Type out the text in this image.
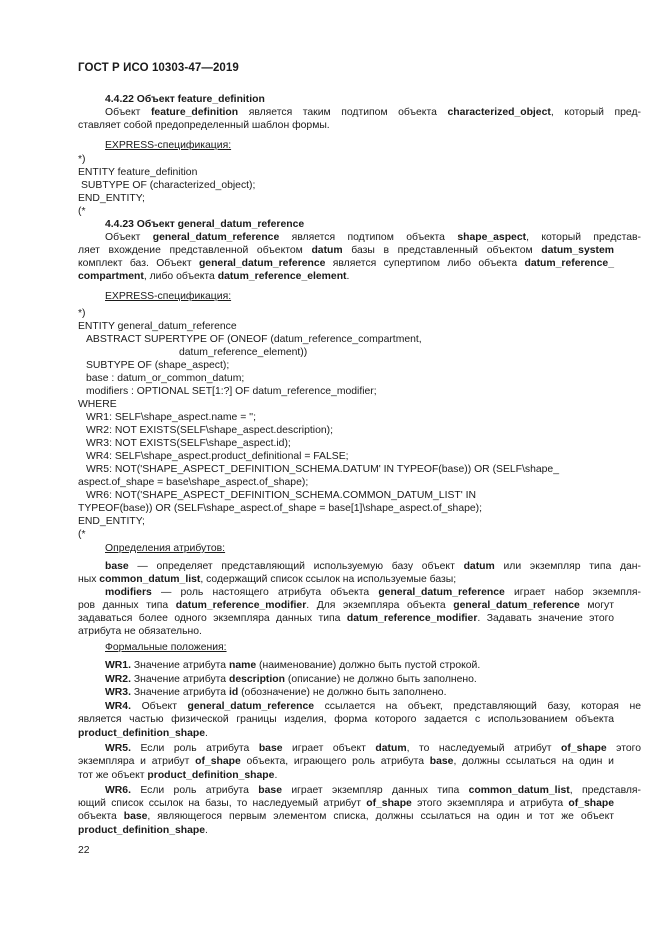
ГОСТ Р ИСО 10303-47—2019
4.4.22 Объект feature_definition
Объект feature_definition является таким подтипом объекта characterized_object, который пред-
ставляет собой предопределенный шаблон формы.
EXPRESS-спецификация:
*)
ENTITY feature_definition
SUBTYPE OF (characterized_object);
END_ENTITY;
(*
4.4.23 Объект general_datum_reference
Объект general_datum_reference является подтипом объекта shape_aspect, который представ-
ляет вхождение представленной объектом datum базы в представленный объектом datum_system
комплект баз. Объект general_datum_reference является супертипом либо объекта datum_reference_
compartment, либо объекта datum_reference_element.
EXPRESS-спецификация:
*)
ENTITY general_datum_reference
ABSTRACT SUPERTYPE OF (ONEOF (datum_reference_compartment,
datum_reference_element))
SUBTYPE OF (shape_aspect);
base : datum_or_common_datum;
modifiers : OPTIONAL SET[1:?] OF datum_reference_modifier;
WHERE
WR1: SELF\shape_aspect.name = '';
WR2: NOT EXISTS(SELF\shape_aspect.description);
WR3: NOT EXISTS(SELF\shape_aspect.id);
WR4: SELF\shape_aspect.product_definitional = FALSE;
WR5: NOT('SHAPE_ASPECT_DEFINITION_SCHEMA.DATUM' IN TYPEOF(base)) OR (SELF\shape_
aspect.of_shape = base\shape_aspect.of_shape);
WR6: NOT('SHAPE_ASPECT_DEFINITION_SCHEMA.COMMON_DATUM_LIST' IN
TYPEOF(base)) OR (SELF\shape_aspect.of_shape = base[1]\shape_aspect.of_shape);
END_ENTITY;
(*
Определения атрибутов:
base — определяет представляющий используемую базу объект datum или экземпляр типа дан-
ных common_datum_list, содержащий список ссылок на используемые базы;
modifiers — роль настоящего атрибута объекта general_datum_reference играет набор экземпля-
ров данных типа datum_reference_modifier. Для экземпляра объекта general_datum_reference могут
задаваться более одного экземпляра данных типа datum_reference_modifier. Задавать значение этого
атрибута не обязательно.
Формальные положения:
WR1. Значение атрибута name (наименование) должно быть пустой строкой.
WR2. Значение атрибута description (описание) не должно быть заполнено.
WR3. Значение атрибута id (обозначение) не должно быть заполнено.
WR4. Объект general_datum_reference ссылается на объект, представляющий базу, которая не
является частью физической границы изделия, форма которого задается с использованием объекта
product_definition_shape.
WR5. Если роль атрибута base играет объект datum, то наследуемый атрибут of_shape этого
экземпляра и атрибут of_shape объекта, играющего роль атрибута base, должны ссылаться на один и
тот же объект product_definition_shape.
WR6. Если роль атрибута base играет экземпляр данных типа common_datum_list, представля-
ющий список ссылок на базы, то наследуемый атрибут of_shape этого экземпляра и атрибута of_shape
объекта base, являющегося первым элементом списка, должны ссылаться на один и тот же объект
product_definition_shape.
22
